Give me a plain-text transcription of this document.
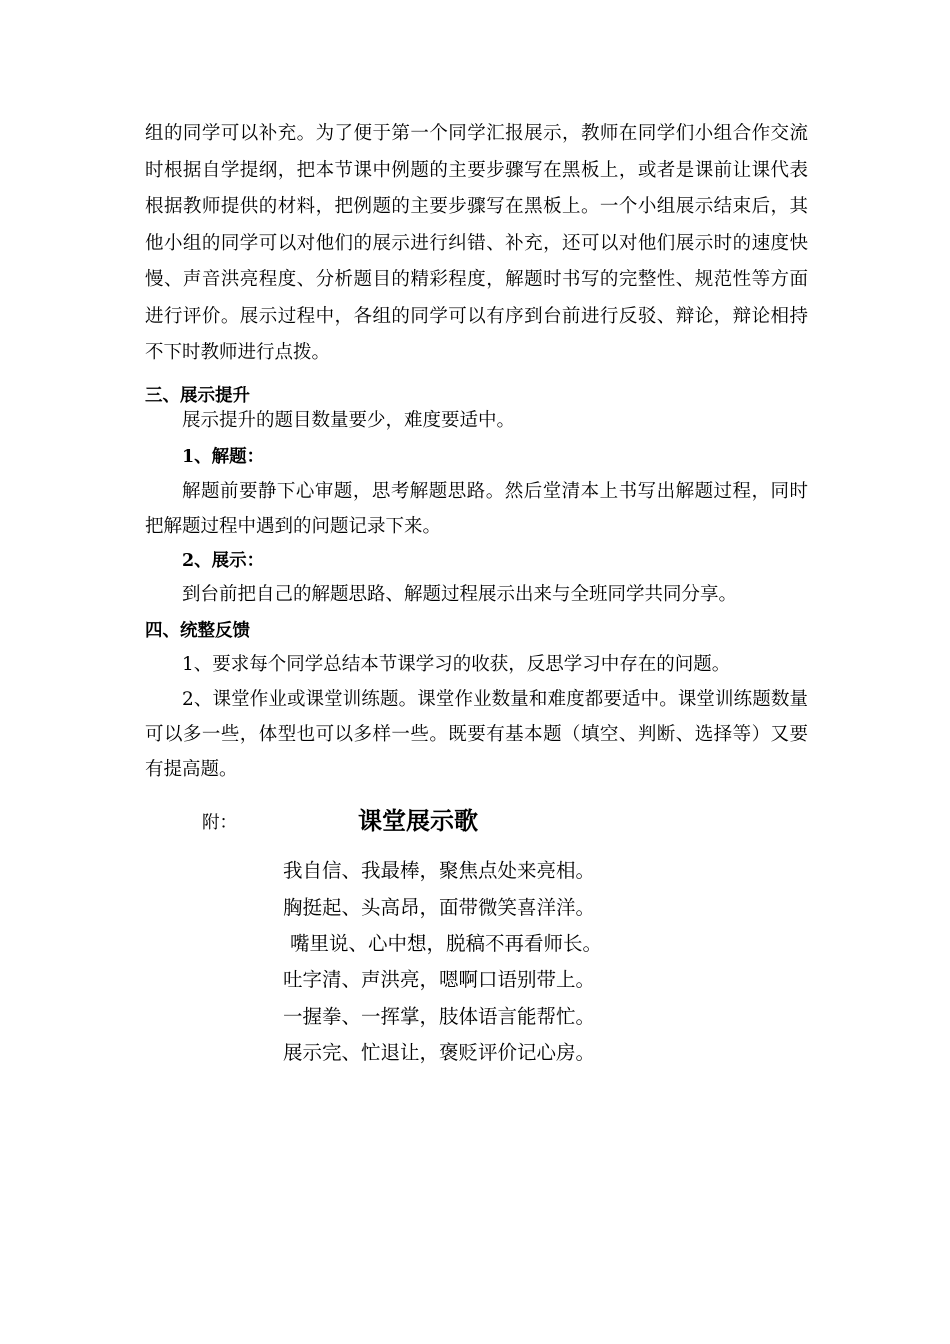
组的同学可以补充。为了便于第一个同学汇报展示，教师在同学们小组合作交流时根据自学提纲，把本节课中例题的主要步骤写在黑板上，或者是课前让课代表根据教师提供的材料，把例题的主要步骤写在黑板上。一个小组展示结束后，其他小组的同学可以对他们的展示进行纠错、补充，还可以对他们展示时的速度快慢、声音洪亮程度、分析题目的精彩程度，解题时书写的完整性、规范性等方面进行评价。展示过程中，各组的同学可以有序到台前进行反驳、辩论，辩论相持不下时教师进行点拨。

三、展示提升

展示提升的题目数量要少，难度要适中。

1、解题：

解题前要静下心审题，思考解题思路。然后堂清本上书写出解题过程，同时把解题过程中遇到的问题记录下来。

2、展示：

到台前把自己的解题思路、解题过程展示出来与全班同学共同分享。

四、统整反馈

1、要求每个同学总结本节课学习的收获，反思学习中存在的问题。

2、课堂作业或课堂训练题。课堂作业数量和难度都要适中。课堂训练题数量可以多一些，体型也可以多样一些。既要有基本题（填空、判断、选择等）又要有提高题。

附：	课堂展示歌

我自信、我最棒，聚焦点处来亮相。

胸挺起、头高昂，面带微笑喜洋洋。

嘴里说、心中想，脱稿不再看师长。

吐字清、声洪亮，嗯啊口语别带上。

一握拳、一挥掌，肢体语言能帮忙。

展示完、忙退让，褒贬评价记心房。
